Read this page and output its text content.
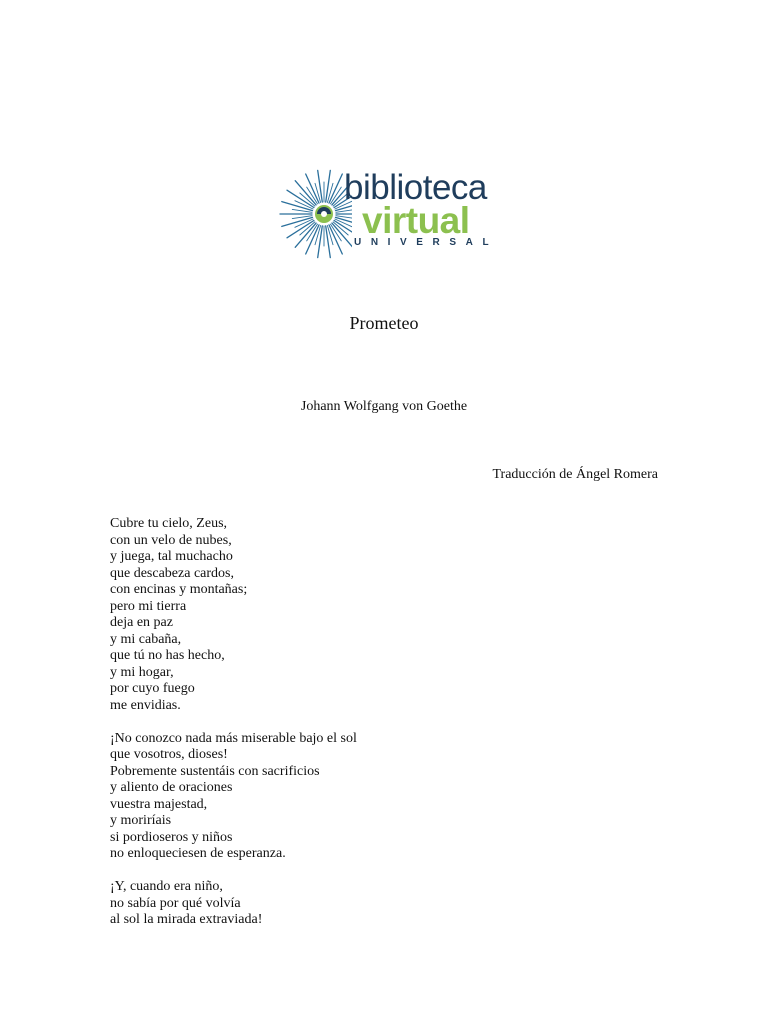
biblioteca
virtual
UNIVERSAL
Prometeo
Johann Wolfgang von Goethe
Traducción de Ángel Romera
Cubre tu cielo, Zeus,
con un velo de nubes,
y juega, tal muchacho
que descabeza cardos,
con encinas y montañas;
pero mi tierra
deja en paz
y mi cabaña,
que tú no has hecho,
y mi hogar,
por cuyo fuego
me envidias.
¡No conozco nada más miserable bajo el sol
que vosotros, dioses!
Pobremente sustentáis con sacrificios
y aliento de oraciones
vuestra majestad,
y moriríais
si pordioseros y niños
no enloqueciesen de esperanza.
¡Y, cuando era niño,
no sabía por qué volvía
al sol la mirada extraviada!
